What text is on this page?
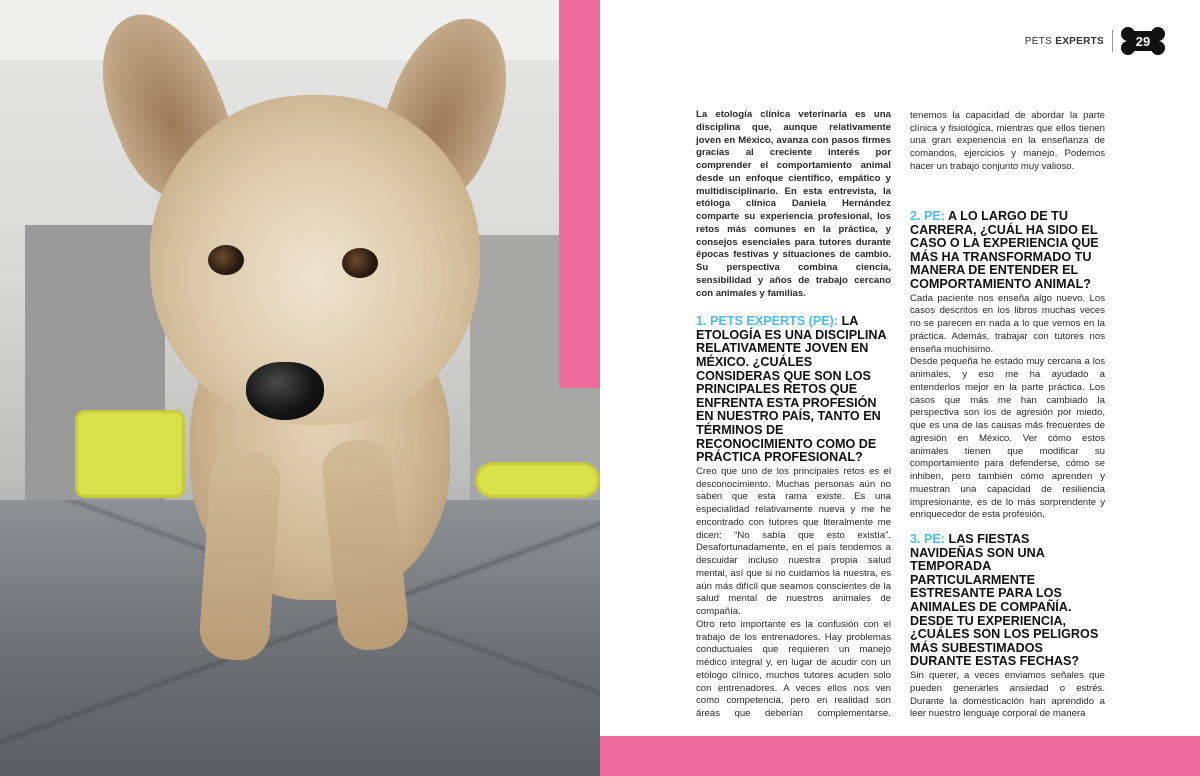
PETS EXPERTS 29

La etología clínica veterinaria es una disciplina que, aunque relativamente joven en México, avanza con pasos firmes gracias al creciente interés por comprender el comportamiento animal desde un enfoque científico, empático y multidisciplinario. En esta entrevista, la etóloga clínica Daniela Hernández comparte su experiencia profesional, los retos más comunes en la práctica, y consejos esenciales para tutores durante épocas festivas y situaciones de cambio. Su perspectiva combina ciencia, sensibilidad y años de trabajo cercano con animales y familias.

1. PETS EXPERTS (PE): LA ETOLOGÍA ES UNA DISCIPLINA RELATIVAMENTE JOVEN EN MÉXICO. ¿CUÁLES CONSIDERAS QUE SON LOS PRINCIPALES RETOS QUE ENFRENTA ESTA PROFESIÓN EN NUESTRO PAÍS, TANTO EN TÉRMINOS DE RECONOCIMIENTO COMO DE PRÁCTICA PROFESIONAL?

Creo que uno de los principales retos es el desconocimiento. Muchas personas aún no saben que esta rama existe. Es una especialidad relativamente nueva y me he encontrado con tutores que literalmente me dicen: “No sabía que esto existía”. Desafortunadamente, en el país tendemos a descuidar incluso nuestra propia salud mental, así que si no cuidamos la nuestra, es aún más difícil que seamos conscientes de la salud mental de nuestros animales de compañía.

Otro reto importante es la confusión con el trabajo de los entrenadores. Hay problemas conductuales que requieren un manejo médico integral y, en lugar de acudir con un etólogo clínico, muchos tutores acuden solo con entrenadores. A veces ellos nos ven como competencia, pero en realidad son áreas que deberían complementarse.

tenemos la capacidad de abordar la parte clínica y fisiológica, mientras que ellos tienen una gran experiencia en la enseñanza de comandos, ejercicios y manejo. Podemos hacer un trabajo conjunto muy valioso.

2. PE: A LO LARGO DE TU CARRERA, ¿CUÁL HA SIDO EL CASO O LA EXPERIENCIA QUE MÁS HA TRANSFORMADO TU MANERA DE ENTENDER EL COMPORTAMIENTO ANIMAL?

Cada paciente nos enseña algo nuevo. Los casos descritos en los libros muchas veces no se parecen en nada a lo que vemos en la práctica. Además, trabajar con tutores nos enseña muchísimo.

Desde pequeña he estado muy cercana a los animales, y eso me ha ayudado a entenderlos mejor en la parte práctica. Los casos que más me han cambiado la perspectiva son los de agresión por miedo, que es una de las causas más frecuentes de agresión en México. Ver cómo estos animales tienen que modificar su comportamiento para defenderse, cómo se inhiben, pero también cómo aprenden y muestran una capacidad de resiliencia impresionante, es de lo más sorprendente y enriquecedor de esta profesión.

3. PE: LAS FIESTAS NAVIDEÑAS SON UNA TEMPORADA PARTICULARMENTE ESTRESANTE PARA LOS ANIMALES DE COMPAÑÍA. DESDE TU EXPERIENCIA, ¿CUÁLES SON LOS PELIGROS MÁS SUBESTIMADOS DURANTE ESTAS FECHAS?

Sin querer, a veces enviamos señales que pueden generarles ansiedad o estrés. Durante la domesticación han aprendido a leer nuestro lenguaje corporal de manera
